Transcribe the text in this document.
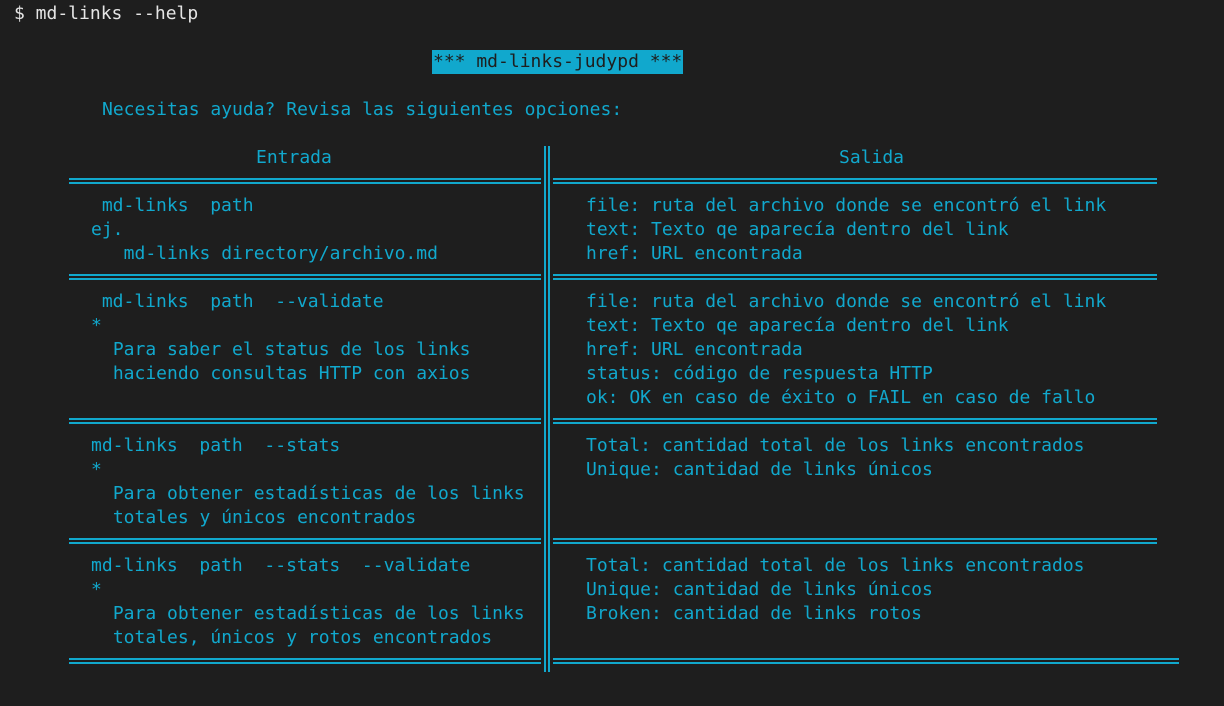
$ md-links --help
*** md-links-judypd ***
Necesitas ayuda? Revisa las siguientes opciones:
Entrada	Salida
md-links  path
ej.
md-links directory/archivo.md
file: ruta del archivo donde se encontró el link
text: Texto qe aparecía dentro del link
href: URL encontrada
md-links  path  --validate
*
Para saber el status de los links
haciendo consultas HTTP con axios
file: ruta del archivo donde se encontró el link
text: Texto qe aparecía dentro del link
href: URL encontrada
status: código de respuesta HTTP
ok: OK en caso de éxito o FAIL en caso de fallo
md-links  path  --stats
*
Para obtener estadísticas de los links
totales y únicos encontrados
Total: cantidad total de los links encontrados
Unique: cantidad de links únicos
md-links  path  --stats  --validate
*
Para obtener estadísticas de los links
totales, únicos y rotos encontrados
Total: cantidad total de los links encontrados
Unique: cantidad de links únicos
Broken: cantidad de links rotos
